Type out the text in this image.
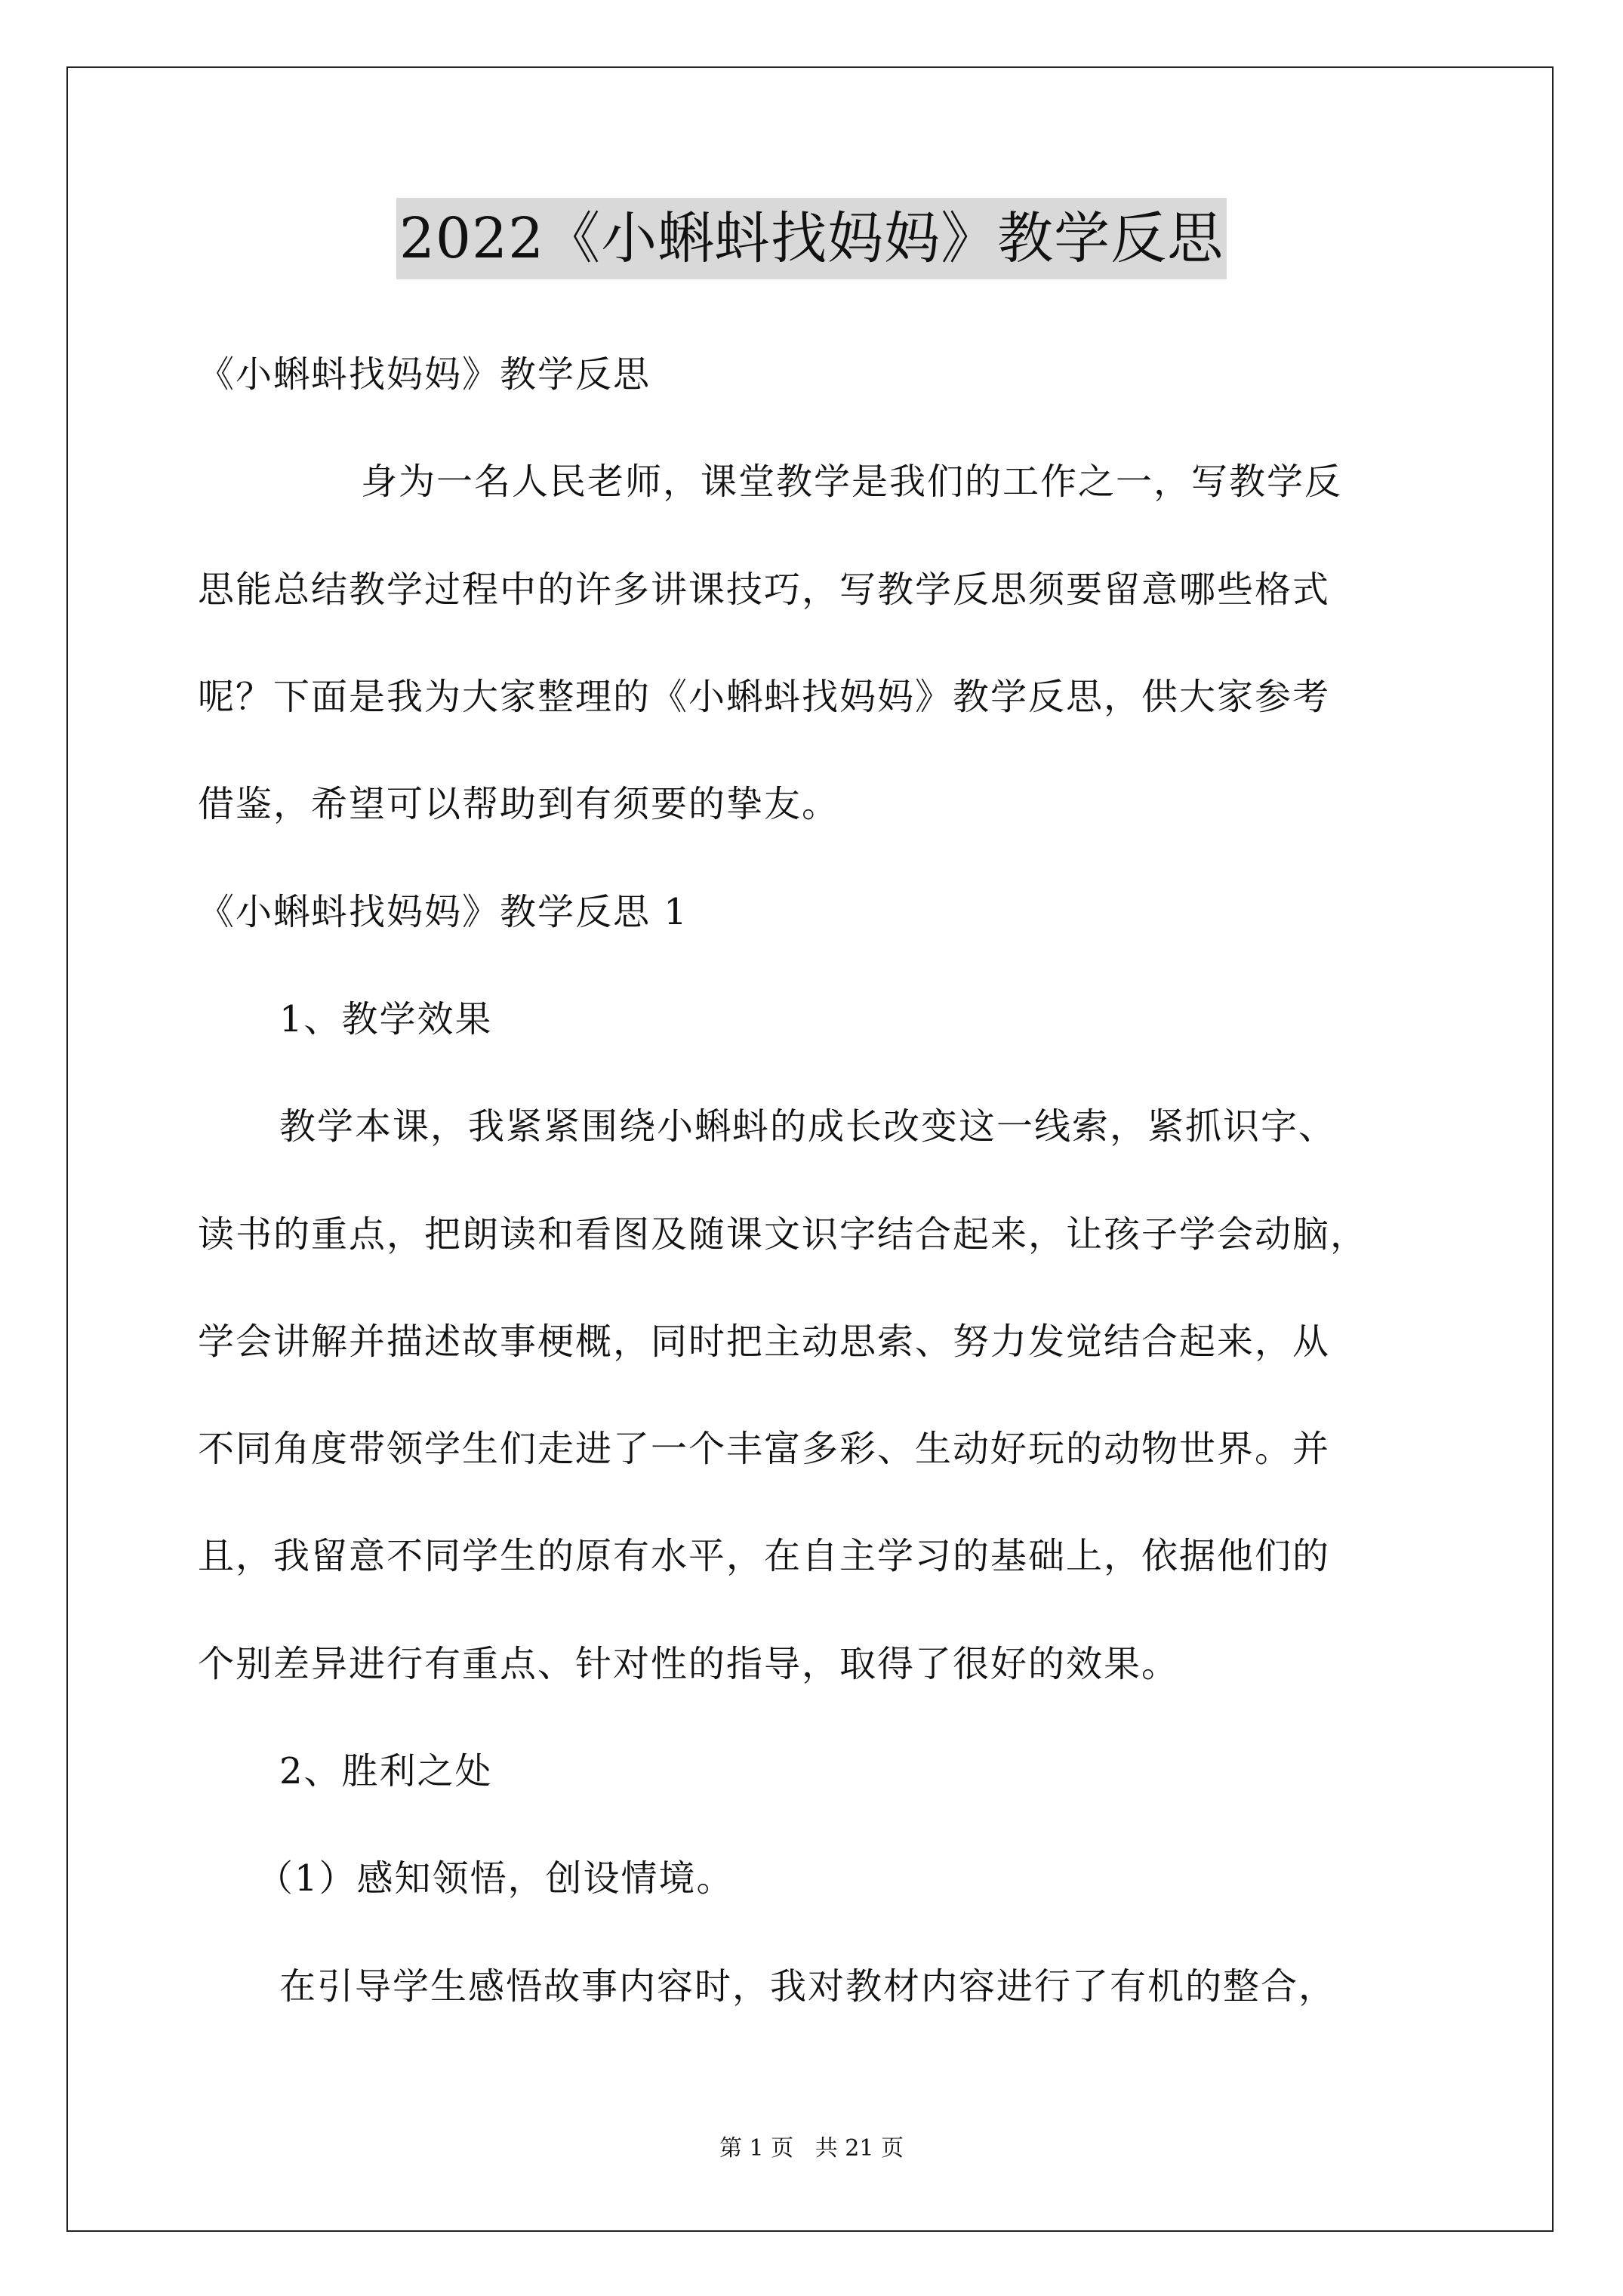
2022《小蝌蚪找妈妈》教学反思
《小蝌蚪找妈妈》教学反思
身为一名人民老师，课堂教学是我们的工作之一，写教学反
思能总结教学过程中的许多讲课技巧，写教学反思须要留意哪些格式
呢？下面是我为大家整理的《小蝌蚪找妈妈》教学反思，供大家参考
借鉴，希望可以帮助到有须要的挚友。
《小蝌蚪找妈妈》教学反思 1
1、教学效果
教学本课，我紧紧围绕小蝌蚪的成长改变这一线索，紧抓识字、
读书的重点，把朗读和看图及随课文识字结合起来，让孩子学会动脑，
学会讲解并描述故事梗概，同时把主动思索、努力发觉结合起来，从
不同角度带领学生们走进了一个丰富多彩、生动好玩的动物世界。并
且，我留意不同学生的原有水平，在自主学习的基础上，依据他们的
个别差异进行有重点、针对性的指导，取得了很好的效果。
2、胜利之处
（1）感知领悟，创设情境。
在引导学生感悟故事内容时，我对教材内容进行了有机的整合，
第 1 页   共 21 页
